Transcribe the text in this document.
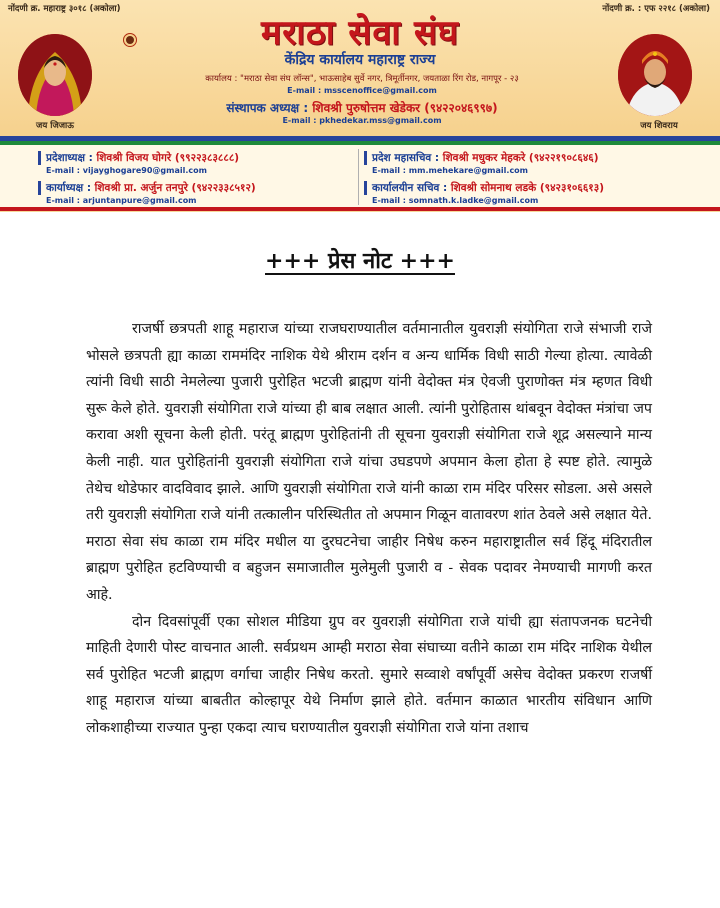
नोंदणी क्र. महाराष्ट्र ३०१८ (अकोला)	नोंदणी क्र. : एफ २२१८ (अकोला)
जय जिजाऊ	जय शिवराय
मराठा सेवा संघ
केंद्रिय कार्यालय महाराष्ट्र राज्य
कार्यालय : "मराठा सेवा संघ लॉन्स", भाऊसाहेब सुर्वे नगर, त्रिमूर्तीनगर, जयताळा रिंग रोड, नागपूर - २३
E-mail : msscenoffice@gmail.com
संस्थापक अध्यक्ष : शिवश्री पुरुषोत्तम खेडेकर (९४२२०४६९९७)
E-mail : pkhedekar.mss@gmail.com
प्रदेशाध्यक्ष : शिवश्री विजय घोगरे (९९२२३८३८८८)
E-mail : vijayghogare90@gmail.com
प्रदेश महासचिव : शिवश्री मधुकर मेहकरे (९४२२१९०८६४६)
E-mail : mm.mehekare@gmail.com
कार्याध्यक्ष : शिवश्री प्रा. अर्जुन तनपुरे (९४२२३३८५१२)
E-mail : arjuntanpure@gmail.com
कार्यालयीन सचिव : शिवश्री सोमनाथ लडके (९४२३१०६६१३)
E-mail : somnath.k.ladke@gmail.com
+++ प्रेस नोट +++

राजर्षी छत्रपती शाहू महाराज यांच्या राजघराण्यातील वर्तमानातील युवराज्ञी संयोगिता राजे संभाजी राजे भोसले छत्रपती ह्या काळा राममंदिर नाशिक येथे श्रीराम दर्शन व अन्य धार्मिक विधी साठी गेल्या होत्या. त्यावेळी त्यांनी विधी साठी नेमलेल्या पुजारी पुरोहित भटजी ब्राह्मण यांनी वेदोक्त मंत्र ऐवजी पुराणोक्त मंत्र म्हणत विधी सुरू केले होते. युवराज्ञी संयोगिता राजे यांच्या ही बाब लक्षात आली. त्यांनी पुरोहितास थांबवून वेदोक्त मंत्रांचा जप करावा अशी सूचना केली होती. परंतू ब्राह्मण पुरोहितांनी ती सूचना युवराज्ञी संयोगिता राजे शूद्र असल्याने मान्य केली नाही. यात पुरोहितांनी युवराज्ञी संयोगिता राजे यांचा उघडपणे अपमान केला होता हे स्पष्ट होते. त्यामुळे तेथेच थोडेफार वादविवाद झाले. आणि युवराज्ञी संयोगिता राजे यांनी काळा राम मंदिर परिसर सोडला. असे असले तरी युवराज्ञी संयोगिता राजे यांनी तत्कालीन परिस्थितीत तो अपमान गिळून वातावरण शांत ठेवले असे लक्षात येते. मराठा सेवा संघ काळा राम मंदिर मधील या दुरघटनेचा जाहीर निषेध करुन महाराष्ट्रातील सर्व हिंदू मंदिरातील ब्राह्मण पुरोहित हटविण्याची व बहुजन समाजातील मुलेमुली पुजारी व - सेवक पदावर नेमण्याची मागणी करत आहे.

दोन दिवसांपूर्वी एका सोशल मीडिया ग्रुप वर युवराज्ञी संयोगिता राजे यांची ह्या संतापजनक घटनेची माहिती देणारी पोस्ट वाचनात आली. सर्वप्रथम आम्ही मराठा सेवा संघाच्या वतीने काळा राम मंदिर नाशिक येथील सर्व पुरोहित भटजी ब्राह्मण वर्गाचा जाहीर निषेध करतो. सुमारे सव्वाशे वर्षांपूर्वी असेच वेदोक्त प्रकरण राजर्षी शाहू महाराज यांच्या बाबतीत कोल्हापूर येथे निर्माण झाले होते. वर्तमान काळात भारतीय संविधान आणि लोकशाहीच्या राज्यात पुन्हा एकदा त्याच घराण्यातील युवराज्ञी संयोगिता राजे यांना तशाच
